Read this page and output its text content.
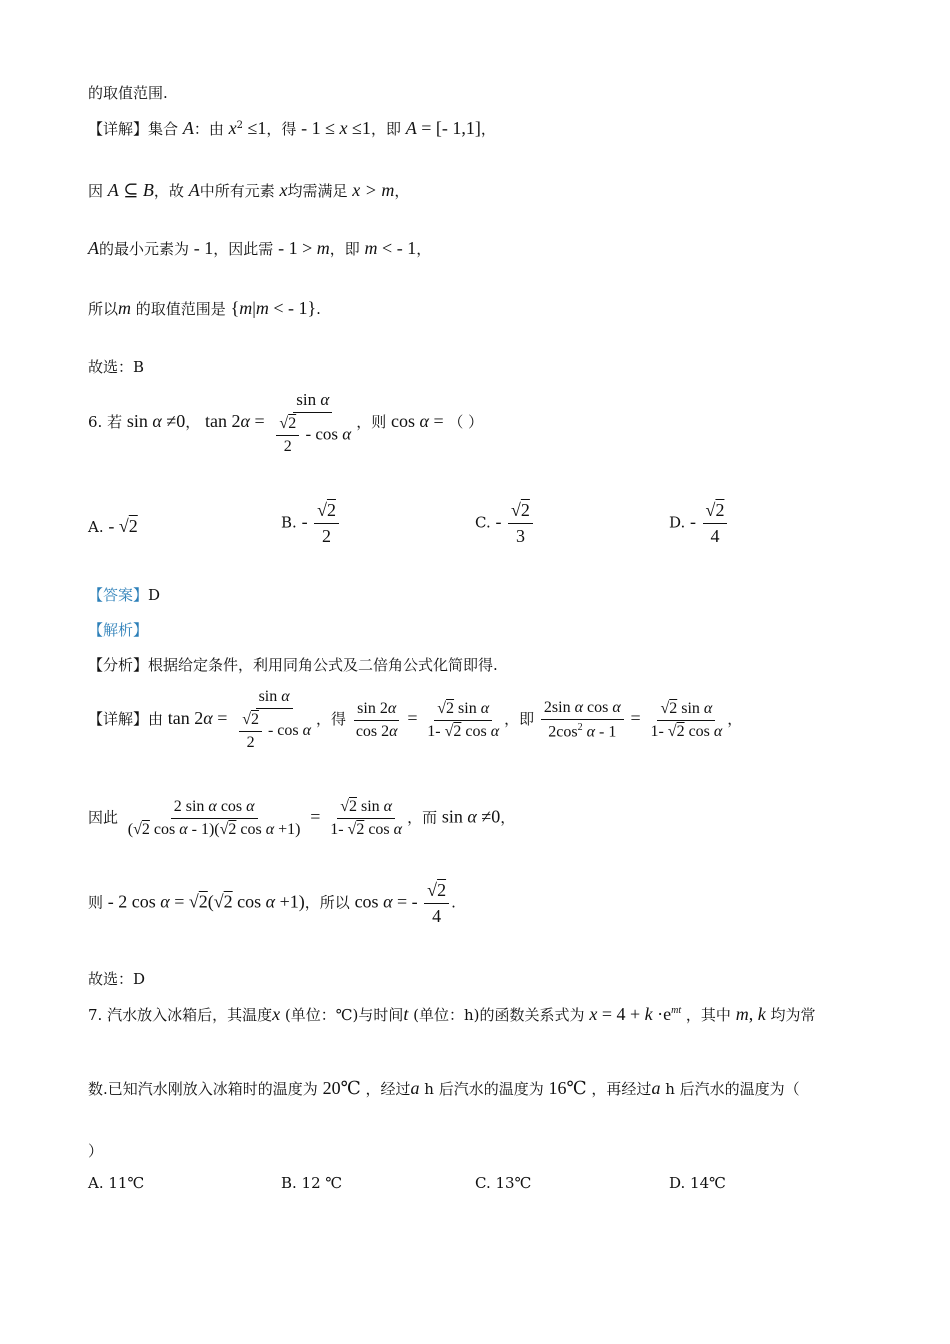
的取值范围.
【详解】集合 A：由 $x^2 \le 1$，得 - 1 ≤ x ≤1，即 A = [- 1,1]，
因 A ⊆ B，故 A中所有元素 x均需满足 x > m，
A的最小元素为 - 1，因此需 - 1 > m，即 m < - 1，
所以m 的取值范围是 {m|m < - 1}.
故选：B
6. 若 sin α ≠0， $\tan 2\alpha = \frac{\text{sin α}}{\frac{√2}{2} - \cos \alpha}$ ，则 cos α = （ ）
A. - √2	B. - $\frac{√2}{2}$	C. - $\frac{√2}{3}$	D. - $\frac{√2}{4}$
【答案】D
【解析】
【分析】根据给定条件，利用同角公式及二倍角公式化简即得.
【详解】由 $\tan 2\alpha = \frac{\text{sin α}}{\frac{√2}{2} - \cos \alpha}$ ，得 $\frac{\sin 2\alpha}{\cos 2\alpha} = \frac{\text{√2 sin α}}{\text{1- √2 cos α}}$ ，即 $\frac{\text{2sin α cos α}}{2\cos^2 \alpha - 1} = \frac{\text{√2 sin α}}{\text{1- √2 cos α}}$ ，
因此 $\frac{\text{2 sin α cos α}}{\text{(√2 cos α - 1)(√2 cos α +1)}} = \frac{\text{√2 sin α}}{\text{1- √2 cos α}}$ ，而 sin α ≠0，
则 - 2 cos α = √2(√2 cos α +1)，所以 cos α = - $\frac{√2}{4}$ .
故选：D
7. 汽水放入冰箱后，其温度x (单位：℃)与时间t (单位：h)的函数关系式为 $x = 4 + k \cdot e^{mt}$ ，其中 m, k 均为常
数.已知汽水刚放入冰箱时的温度为 20℃ ，经过a h 后汽水的温度为 16℃ ，再经过a h 后汽水的温度为（
）
A. 11℃	B. 12 ℃	C. 13℃	D. 14℃
